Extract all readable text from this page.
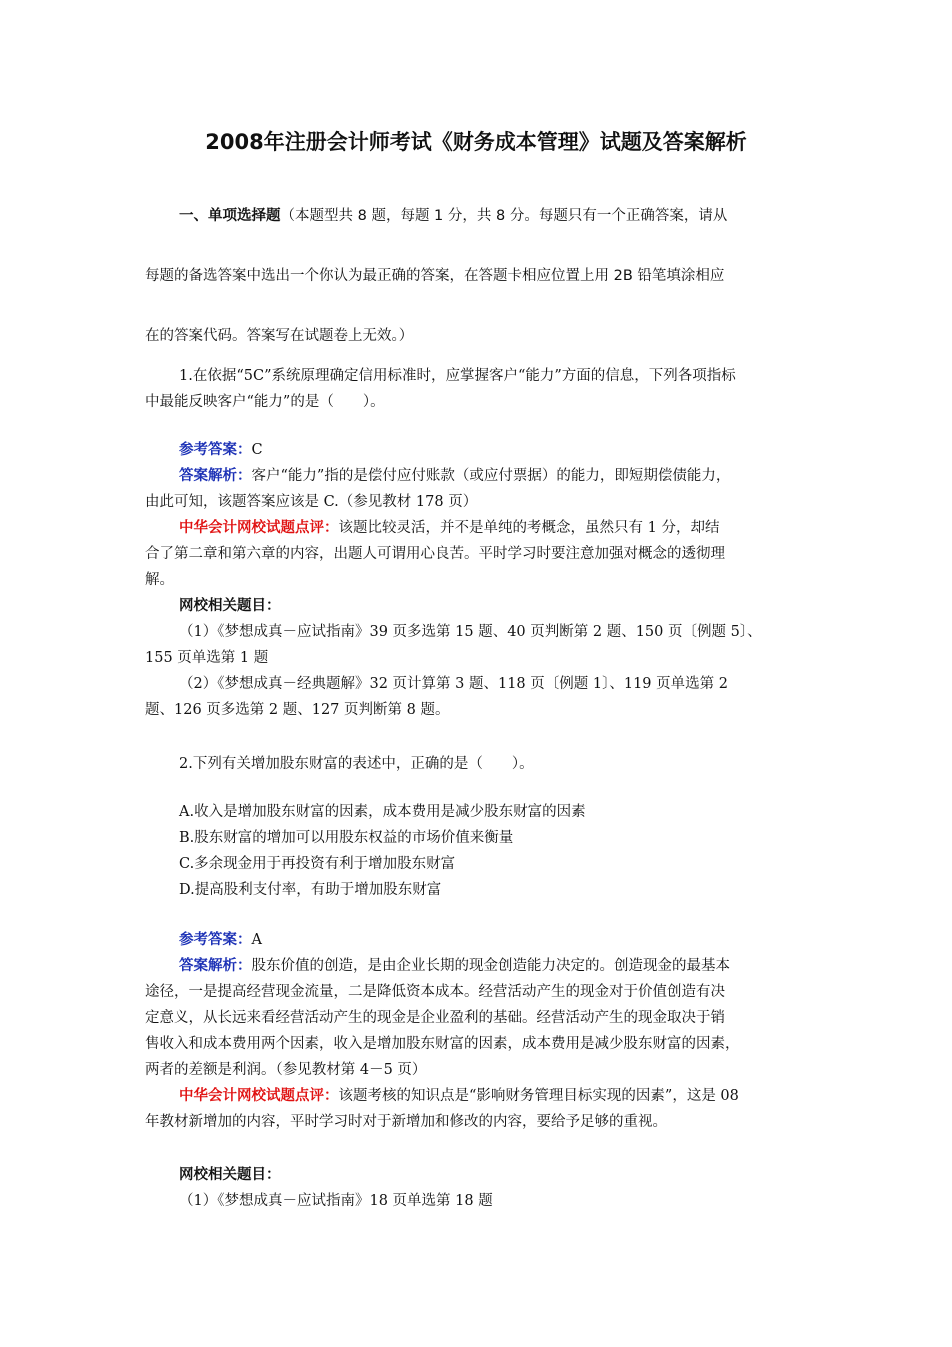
2008年注册会计师考试《财务成本管理》试题及答案解析

一、单项选择题（本题型共 8 题，每题 1 分，共 8 分。每题只有一个正确答案，请从

每题的备选答案中选出一个你认为最正确的答案，在答题卡相应位置上用 2B 铅笔填涂相应

在的答案代码。答案写在试题卷上无效。）

1.在依据“5C”系统原理确定信用标准时，应掌握客户“能力”方面的信息，下列各项指标

中最能反映客户“能力”的是（　　）。

参考答案：C

答案解析：客户“能力”指的是偿付应付账款（或应付票据）的能力，即短期偿债能力，

由此可知，该题答案应该是 C.（参见教材 178 页）

中华会计网校试题点评：该题比较灵活，并不是单纯的考概念，虽然只有 1 分，却结

合了第二章和第六章的内容，出题人可谓用心良苦。平时学习时要注意加强对概念的透彻理

解。

网校相关题目：

（1）《梦想成真－应试指南》39 页多选第 15 题、40 页判断第 2 题、150 页〔例题 5〕、

155 页单选第 1 题

（2）《梦想成真－经典题解》32 页计算第 3 题、118 页〔例题 1〕、119 页单选第 2

题、126 页多选第 2 题、127 页判断第 8 题。

2.下列有关增加股东财富的表述中，正确的是（　　）。

A.收入是增加股东财富的因素，成本费用是减少股东财富的因素

B.股东财富的增加可以用股东权益的市场价值来衡量

C.多余现金用于再投资有利于增加股东财富

D.提高股利支付率，有助于增加股东财富

参考答案：A

答案解析：股东价值的创造，是由企业长期的现金创造能力决定的。创造现金的最基本

途径，一是提高经营现金流量，二是降低资本成本。经营活动产生的现金对于价值创造有决

定意义，从长远来看经营活动产生的现金是企业盈利的基础。经营活动产生的现金取决于销

售收入和成本费用两个因素，收入是增加股东财富的因素，成本费用是减少股东财富的因素，

两者的差额是利润。（参见教材第 4－5 页）

中华会计网校试题点评：该题考核的知识点是“影响财务管理目标实现的因素”，这是 08

年教材新增加的内容，平时学习时对于新增加和修改的内容，要给予足够的重视。

网校相关题目：

（1）《梦想成真－应试指南》18 页单选第 18 题
